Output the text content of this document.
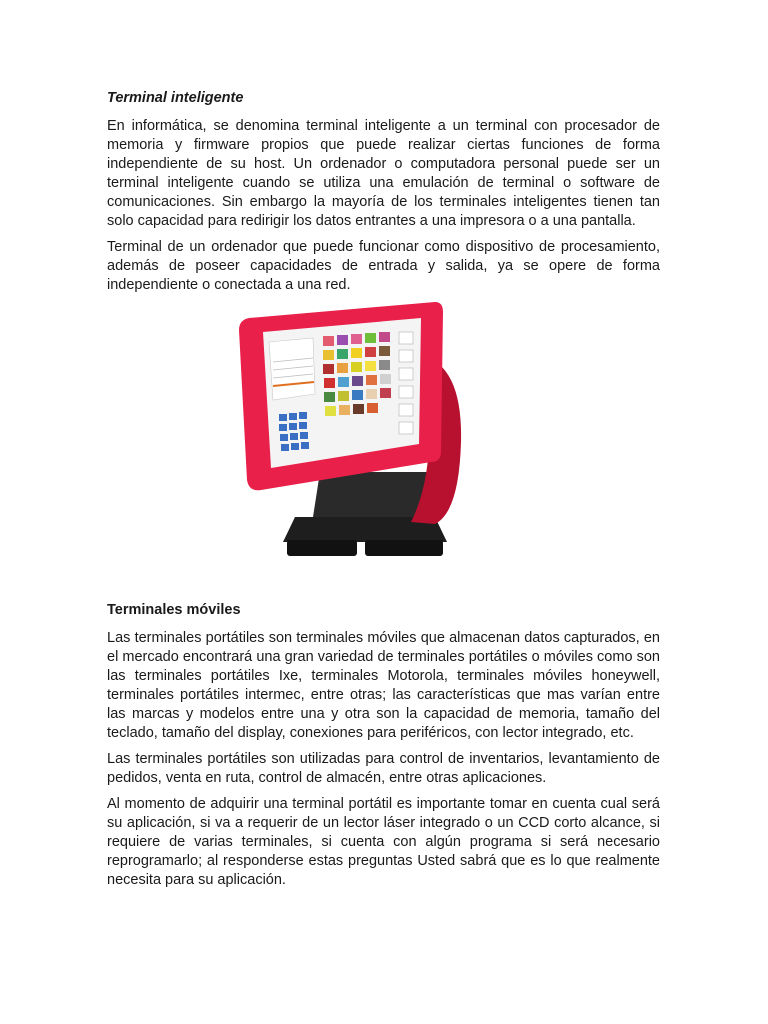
Terminal inteligente

En informática, se denomina terminal inteligente a un terminal con procesador de memoria y firmware propios que puede realizar ciertas funciones de forma independiente de su host. Un ordenador o computadora personal puede ser un terminal inteligente cuando se utiliza una emulación de terminal o software de comunicaciones. Sin embargo la mayoría de los terminales inteligentes tienen tan solo capacidad para redirigir los datos entrantes a una impresora o a una pantalla.

Terminal de un ordenador que puede funcionar como dispositivo de procesamiento, además de poseer capacidades de entrada y salida, ya se opere de forma independiente o conectada a una red.

Terminales móviles

Las terminales portátiles son terminales móviles que almacenan datos capturados, en el mercado encontrará una gran variedad de terminales portátiles o móviles como son las terminales portátiles Ixe, terminales Motorola, terminales móviles honeywell, terminales portátiles intermec, entre otras; las características que mas varían entre las marcas y modelos entre una y otra son la capacidad de memoria, tamaño del teclado, tamaño del display, conexiones para periféricos, con lector integrado, etc.

Las terminales portátiles son utilizadas para control de inventarios, levantamiento de pedidos, venta en ruta, control de almacén, entre otras aplicaciones.

Al momento de adquirir una terminal portátil es importante tomar en cuenta cual será su aplicación, si va a requerir de un lector láser integrado o un CCD corto alcance, si requiere de varias terminales, si cuenta con algún programa si será necesario reprogramarlo; al responderse estas preguntas Usted sabrá que es lo que realmente necesita para su aplicación.
